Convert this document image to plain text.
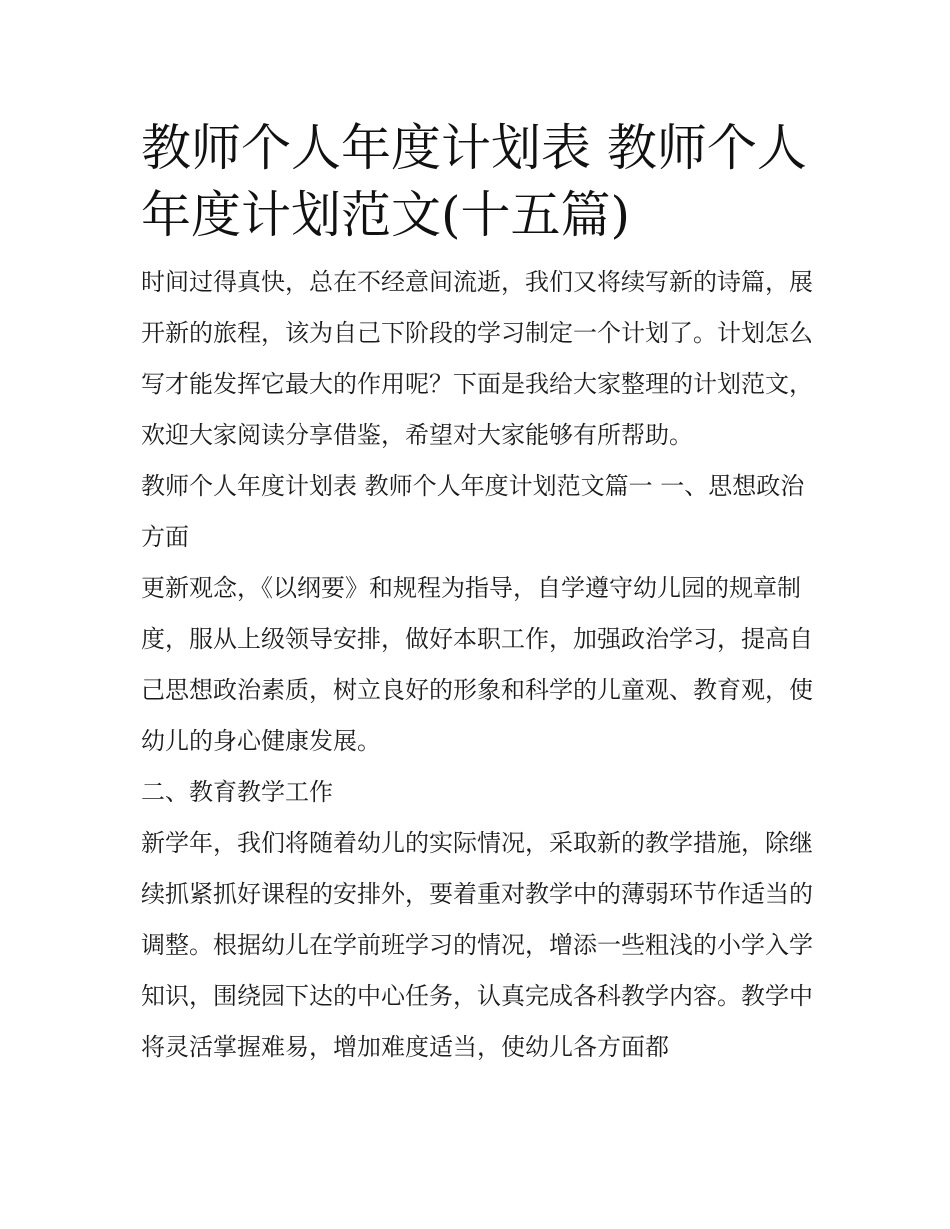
教师个人年度计划表 教师个人年度计划范文(十五篇)

时间过得真快，总在不经意间流逝，我们又将续写新的诗篇，展开新的旅程，该为自己下阶段的学习制定一个计划了。计划怎么写才能发挥它最大的作用呢？下面是我给大家整理的计划范文，欢迎大家阅读分享借鉴，希望对大家能够有所帮助。

教师个人年度计划表 教师个人年度计划范文篇一 一、思想政治方面

更新观念，《以纲要》和规程为指导，自学遵守幼儿园的规章制度，服从上级领导安排，做好本职工作，加强政治学习，提高自己思想政治素质，树立良好的形象和科学的儿童观、教育观，使幼儿的身心健康发展。

二、教育教学工作

新学年，我们将随着幼儿的实际情况，采取新的教学措施，除继续抓紧抓好课程的安排外，要着重对教学中的薄弱环节作适当的调整。根据幼儿在学前班学习的情况，增添一些粗浅的小学入学知识，围绕园下达的中心任务，认真完成各科教学内容。教学中将灵活掌握难易，增加难度适当，使幼儿各方面都
